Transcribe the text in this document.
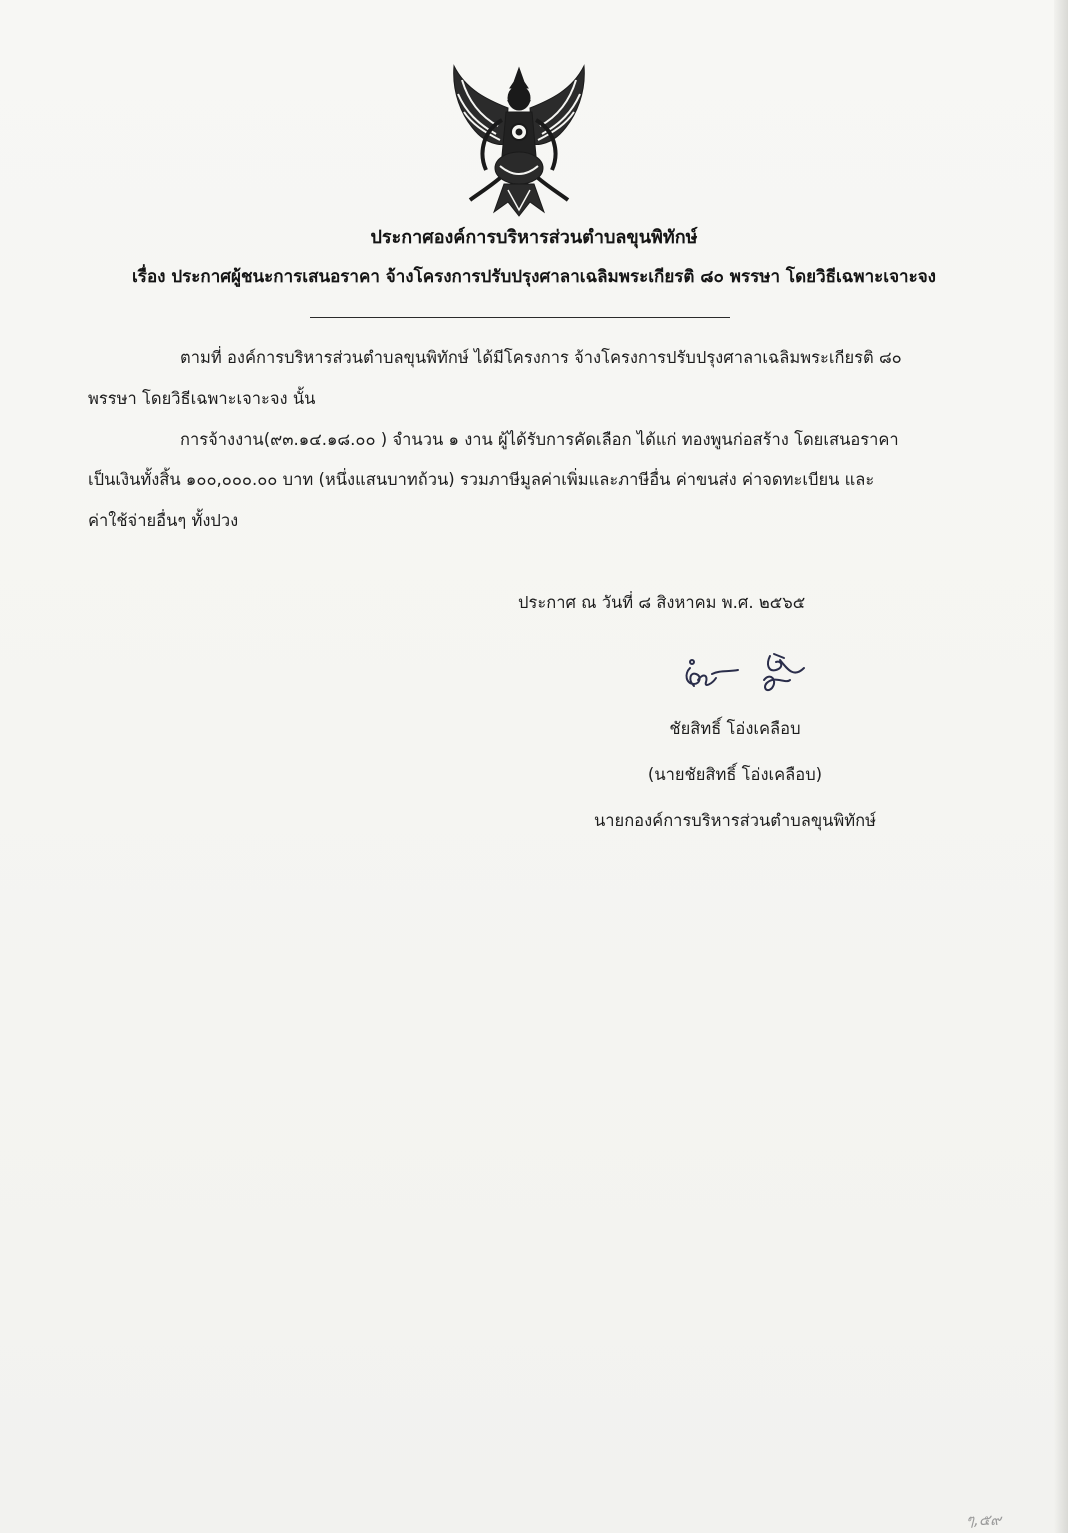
ประกาศองค์การบริหารส่วนตำบลขุนพิทักษ์
เรื่อง ประกาศผู้ชนะการเสนอราคา จ้างโครงการปรับปรุงศาลาเฉลิมพระเกียรติ ๘๐ พรรษา โดยวิธีเฉพาะเจาะจง
ตามที่ องค์การบริหารส่วนตำบลขุนพิทักษ์ ได้มีโครงการ จ้างโครงการปรับปรุงศาลาเฉลิมพระเกียรติ ๘๐
พรรษา โดยวิธีเฉพาะเจาะจง นั้น
การจ้างงาน(๙๓.๑๔.๑๘.๐๐ ) จำนวน ๑ งาน ผู้ได้รับการคัดเลือก ได้แก่ ทองพูนก่อสร้าง โดยเสนอราคา
เป็นเงินทั้งสิ้น ๑๐๐,๐๐๐.๐๐ บาท (หนึ่งแสนบาทถ้วน) รวมภาษีมูลค่าเพิ่มและภาษีอื่น ค่าขนส่ง ค่าจดทะเบียน และ
ค่าใช้จ่ายอื่นๆ ทั้งปวง
ประกาศ ณ วันที่ ๘ สิงหาคม พ.ศ. ๒๕๖๕
ชัยสิทธิ์ โอ่งเคลือบ
(นายชัยสิทธิ์ โอ่งเคลือบ)
นายกองค์การบริหารส่วนตำบลขุนพิทักษ์
ๆ,๕๙
